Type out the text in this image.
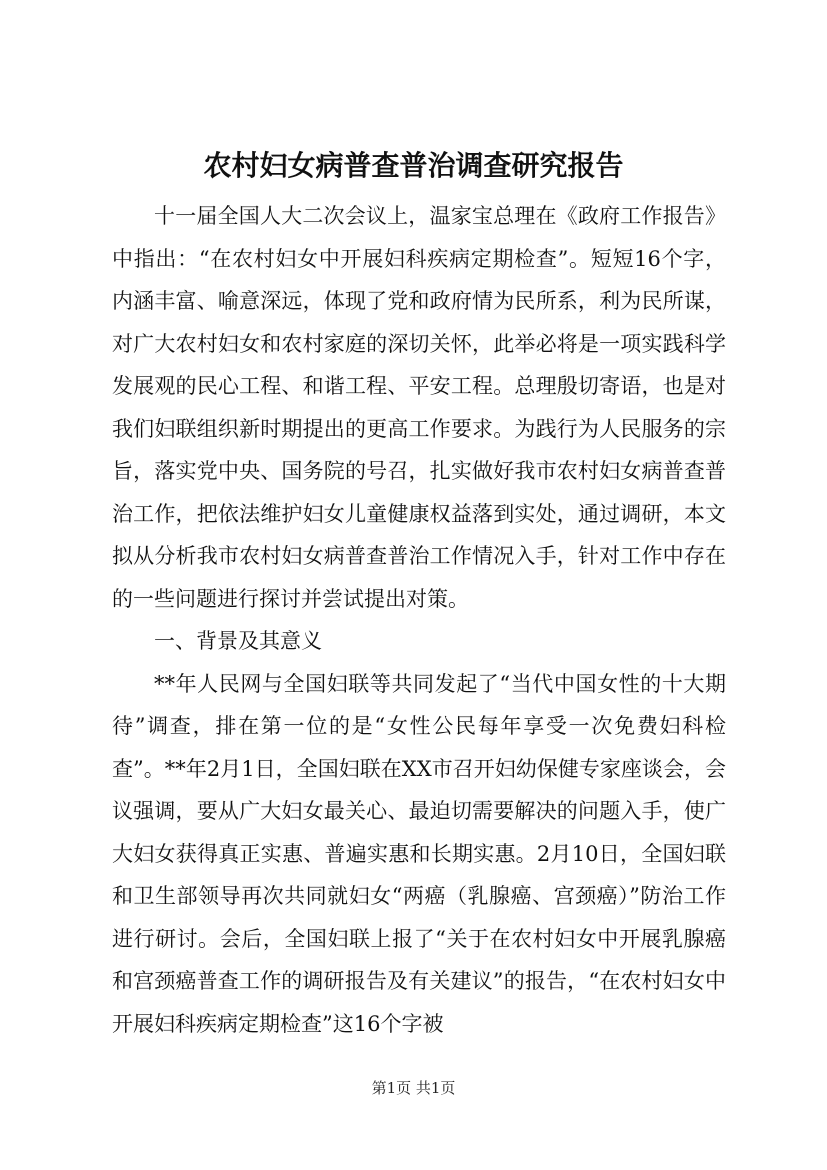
农村妇女病普查普治调查研究报告

十一届全国人大二次会议上，温家宝总理在《政府工作报告》中指出：“在农村妇女中开展妇科疾病定期检查”。短短16个字，内涵丰富、喻意深远，体现了党和政府情为民所系，利为民所谋，对广大农村妇女和农村家庭的深切关怀，此举必将是一项实践科学发展观的民心工程、和谐工程、平安工程。总理殷切寄语，也是对我们妇联组织新时期提出的更高工作要求。为践行为人民服务的宗旨，落实党中央、国务院的号召，扎实做好我市农村妇女病普查普治工作，把依法维护妇女儿童健康权益落到实处，通过调研，本文拟从分析我市农村妇女病普查普治工作情况入手，针对工作中存在的一些问题进行探讨并尝试提出对策。

一、背景及其意义

**年人民网与全国妇联等共同发起了“当代中国女性的十大期待”调查，排在第一位的是“女性公民每年享受一次免费妇科检查”。**年2月1日，全国妇联在XX市召开妇幼保健专家座谈会，会议强调，要从广大妇女最关心、最迫切需要解决的问题入手，使广大妇女获得真正实惠、普遍实惠和长期实惠。2月10日，全国妇联和卫生部领导再次共同就妇女“两癌（乳腺癌、宫颈癌）”防治工作进行研讨。会后，全国妇联上报了“关于在农村妇女中开展乳腺癌和宫颈癌普查工作的调研报告及有关建议”的报告，“在农村妇女中开展妇科疾病定期检查”这16个字被

第1页 共1页
